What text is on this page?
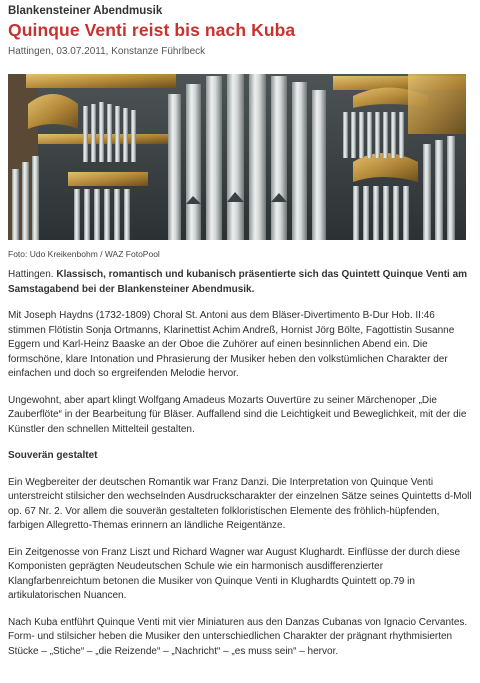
Blankensteiner Abendmusik
Quinque Venti reist bis nach Kuba
Hattingen, 03.07.2011, Konstanze Führlbeck
Foto: Udo Kreikenbohm / WAZ FotoPool

Hattingen. Klassisch, romantisch und kubanisch präsentierte sich das Quintett Quinque Venti am Samstagabend bei der Blankensteiner Abendmusik.

Mit Joseph Haydns (1732-1809) Choral St. Antoni aus dem Bläser-Divertimento B-Dur Hob. II:46 stimmen Flötistin Sonja Ortmanns, Klarinettist Achim Andreß, Hornist Jörg Bölte, Fagottistin Susanne Eggern und Karl-Heinz Baaske an der Oboe die Zuhörer auf einen besinnlichen Abend ein. Die formschöne, klare Intonation und Phrasierung der Musiker heben den volkstümlichen Charakter der einfachen und doch so ergreifenden Melodie hervor.

Ungewohnt, aber apart klingt Wolfgang Amadeus Mozarts Ouvertüre zu seiner Märchenoper „Die Zauberflöte“ in der Bearbeitung für Bläser. Auffallend sind die Leichtigkeit und Beweglichkeit, mit der die Künstler den schnellen Mittelteil gestalten.

Souverän gestaltet

Ein Wegbereiter der deutschen Romantik war Franz Danzi. Die Interpretation von Quinque Venti unterstreicht stilsicher den wechselnden Ausdruckscharakter der einzelnen Sätze seines Quintetts d-Moll op. 67 Nr. 2. Vor allem die souverän gestalteten folkloristischen Elemente des fröhlich-hüpfenden, farbigen Allegretto-Themas erinnern an ländliche Reigentänze.

Ein Zeitgenosse von Franz Liszt und Richard Wagner war August Klughardt. Einflüsse der durch diese Komponisten geprägten Neudeutschen Schule wie ein harmonisch ausdifferenzierter Klangfarbenreichtum betonen die Musiker von Quinque Venti in Klughardts Quintett op.79 in artikulatorischen Nuancen.

Nach Kuba entführt Quinque Venti mit vier Miniaturen aus den Danzas Cubanas von Ignacio Cervantes. Form- und stilsicher heben die Musiker den unterschiedlichen Charakter der prägnant rhythmisierten Stücke – „Stiche“ – „die Reizende“ – „Nachricht“ – „es muss sein“ – hervor.
